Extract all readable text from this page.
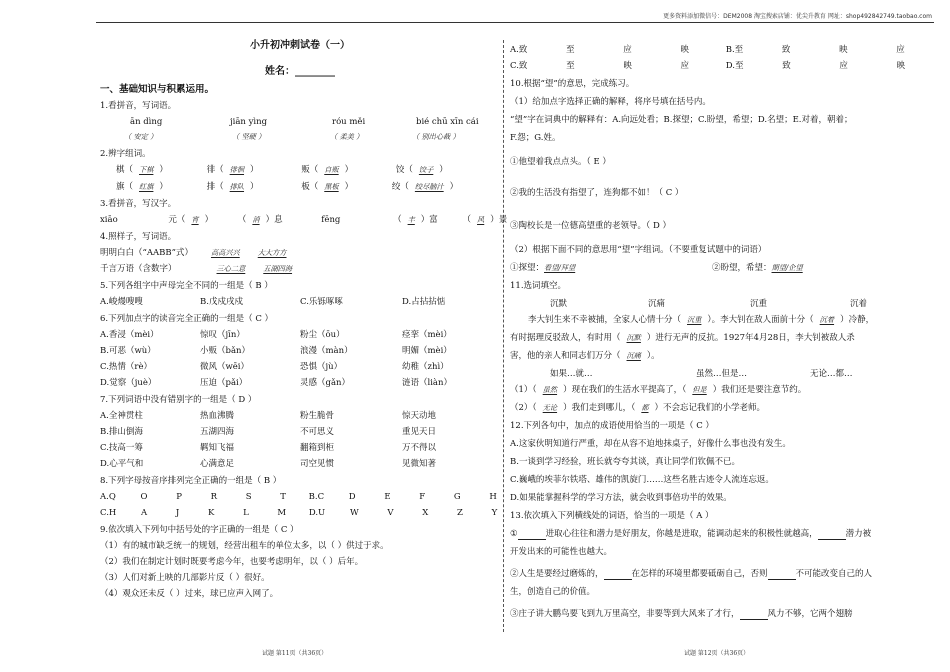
更多资料添加微信号：DEM2008 淘宝搜索店铺：优尖升教育 网址：shop492842749.taobao.com
小升初冲刺试卷（一）
姓名：________
一、基础知识与积累运用。
1.看拼音，写词语。
ān dìng	jiān yìng	róu měi	bié chū xīn cái
（ 安定 ）	（ 坚硬 ）	（ 柔美 ）	（ 别出心裁 ）
2.辨字组词。
棋（ 下棋 ）	徘（ 徘徊 ）	贩（ 自贩 ）	饺（ 饺子 ）
旗（ 红旗 ）	排（ 排队 ）	板（ 黑板 ）	绞（ 绞尽脑汁 ）
3.看拼音，写汉字。
xiāo	元（ 宵 ）	（ 消 ）息	fēng	（ 丰 ）富	（ 风 ）景
4.照样子，写词语。
明明白白（“AABB”式）	高高兴兴	大大方方
千言万语（含数字）	三心二意	五湖四海
5.下列各组字中声母完全不同的一组是（ B ）
A.峻熳嗖嗖	B.戊戍戌戍	C.乐铄啄啄	D.占拈拈惦
6.下列加点字的读音完全正确的一组是（ C ）
A.香浸（mèi）	惊叹（jīn）	粉尘（ōu）	痉挛（mèi）
B.可恶（wù）	小贩（bǎn）	浪漫（màn）	明媚（mèi）
C.热情（rè）	微风（wēi）	恐惧（jù）	幼稚（zhì）
D.觉察（juè）	压迫（pǎi）	灵感（gǎn）	涟语（liàn）
7.下列词语中没有错别字的一组是（ D ）
A.全神贯柱	热血沸腾	粉生脆骨	惊天动地
B.排山倒海	五湖四海	不可思义	重见天日
C.技高一筹	羁知飞福	翻箱到柜	万不得以
D.心平气和	心满意足	司空见惯	见微知著
8.下列字母按音序排列完全正确的一组是（ B ）
A.Q	O	P	R	S	T	B.C	D	E	F	G	H
C.H	A	J	K	L	M	D.U	W	V	X	Z	Y
9.依次填入下列句中括号处的字正确的一组是（ C ）
（1）有的城市缺乏统一的规划，经营出租车的单位太多，以（ ）供过于求。
（2）我们在制定计划时既要考虑今年，也要考虑明年，以（ ）后年。
（3）人们对新上映的几部影片反（ ）很好。
（4）观众还未反（ ）过来，球已应声入网了。
试题 第11页（共36页）
A.致	至	应	映	B.至	致	映	应
C.致	至	映	应	D.至	致	应	映
10.根据“望”的意思，完成练习。
（1）给加点字选择正确的解释，将序号填在括号内。
“望”字在词典中的解释有：A.向远处看；B.探望；C.盼望，希望；D.名望；E.对着，朝着；
F.怨；G.姓。
①他望着我点点头。（ E ）
②我的生活没有指望了，连狗都不如！（ C ）
③陶校长是一位德高望重的老领导。（ D ）
（2）根据下面不同的意思用“望”字组词。（不要重复试题中的词语）
①探望：看望/拜望	②盼望，希望：期望/企望
11.选词填空。
沉默	沉痛	沉重	沉着
李大钊生来不幸被捕，全家人心情十分（ 沉重 ）。李大钊在敌人面前十分（ 沉着 ）冷静，
有时据理反驳敌人，有时用（ 沉默 ）进行无声的反抗。1927年4月28日，李大钊被敌人杀
害，他的亲人和同志们万分（ 沉痛 ）。
如果…就…	虽然…但是…	无论…都…
（1）（ 虽然 ）现在我们的生活水平提高了，（ 但是 ）我们还是要注意节约。
（2）（ 无论 ）我们走到哪儿，（ 都 ）不会忘记我们的小学老师。
12.下列各句中，加点的成语使用恰当的一项是（ C ）
A.这家伙明知道行严重，却在从容不迫地抹桌子，好像什么事也没有发生。
B.一谈到学习经验，班长就夸夸其谈，真让同学们钦佩不已。
C.巍峨的埃菲尔铁塔、雄伟的凯旋门……这些名胜古迹令人流连忘返。
D.如果能掌握科学的学习方法，就会收到事倍功半的效果。
13.依次填入下列横线处的词语，恰当的一项是（ A ）
①	进取心往往和潜力是好朋友，你越是进取，能调动起来的积极性就越高，	潜力被
开发出来的可能性也越大。
②人生是要经过磨炼的，	在怎样的环境里都要砥砺自己，否则	不可能改变自己的人
生，创造自己的价值。
③庄子讲大鹏鸟要飞到九万里高空，非要等到大风来了才行，	风力不够，它两个翅膀
试题 第12页（共36页）
